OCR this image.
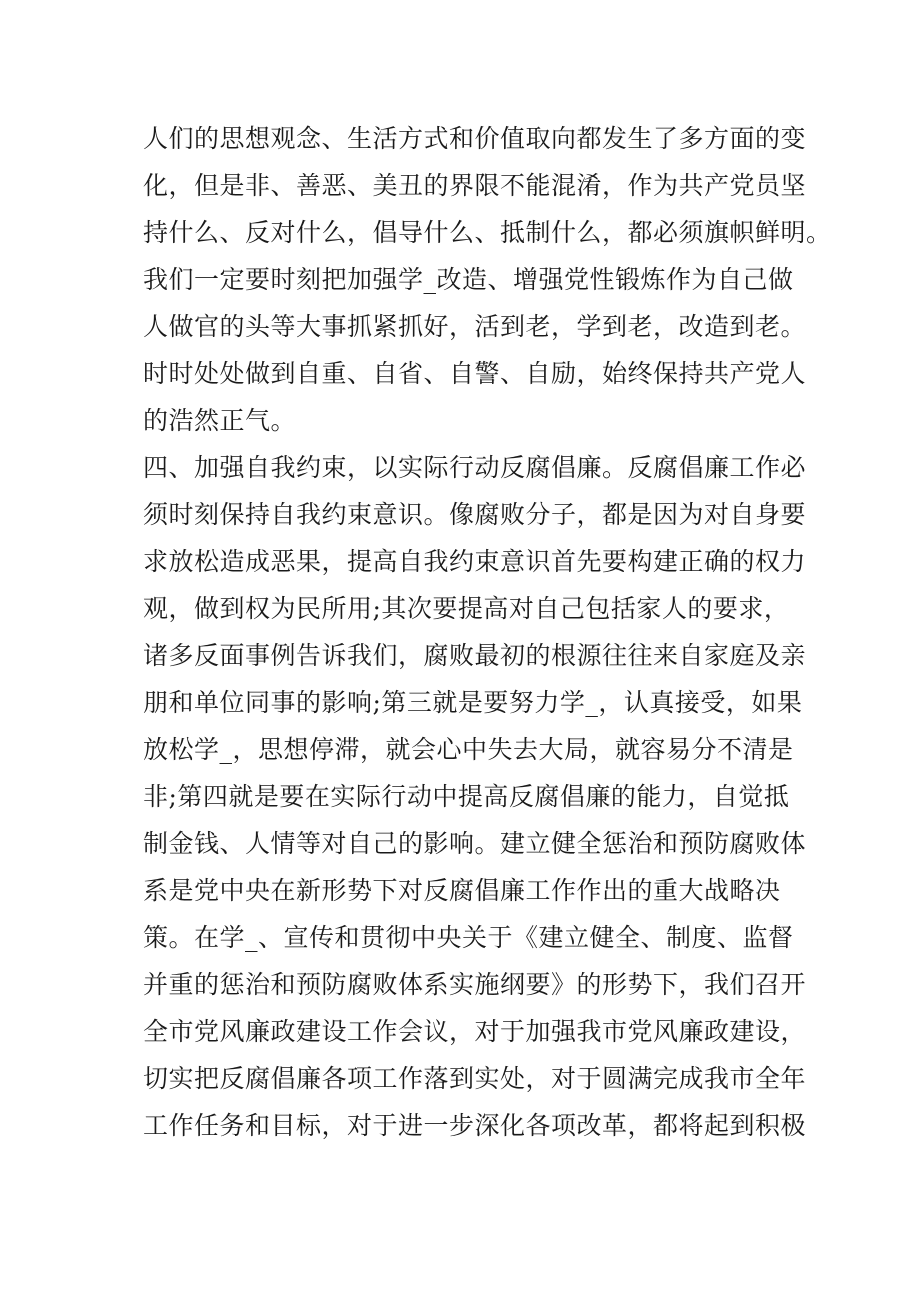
人们的思想观念、生活方式和价值取向都发生了多方面的变
化，但是非、善恶、美丑的界限不能混淆，作为共产党员坚
持什么、反对什么，倡导什么、抵制什么，都必须旗帜鲜明。
我们一定要时刻把加强学_改造、增强党性锻炼作为自己做
人做官的头等大事抓紧抓好，活到老，学到老，改造到老。
时时处处做到自重、自省、自警、自励，始终保持共产党人
的浩然正气。
四、加强自我约束，以实际行动反腐倡廉。反腐倡廉工作必
须时刻保持自我约束意识。像腐败分子，都是因为对自身要
求放松造成恶果，提高自我约束意识首先要构建正确的权力
观，做到权为民所用;其次要提高对自己包括家人的要求，
诸多反面事例告诉我们，腐败最初的根源往往来自家庭及亲
朋和单位同事的影响;第三就是要努力学_，认真接受，如果
放松学_，思想停滞，就会心中失去大局，就容易分不清是
非;第四就是要在实际行动中提高反腐倡廉的能力，自觉抵
制金钱、人情等对自己的影响。建立健全惩治和预防腐败体
系是党中央在新形势下对反腐倡廉工作作出的重大战略决
策。在学_、宣传和贯彻中央关于《建立健全、制度、监督
并重的惩治和预防腐败体系实施纲要》的形势下，我们召开
全市党风廉政建设工作会议，对于加强我市党风廉政建设，
切实把反腐倡廉各项工作落到实处，对于圆满完成我市全年
工作任务和目标，对于进一步深化各项改革，都将起到积极
